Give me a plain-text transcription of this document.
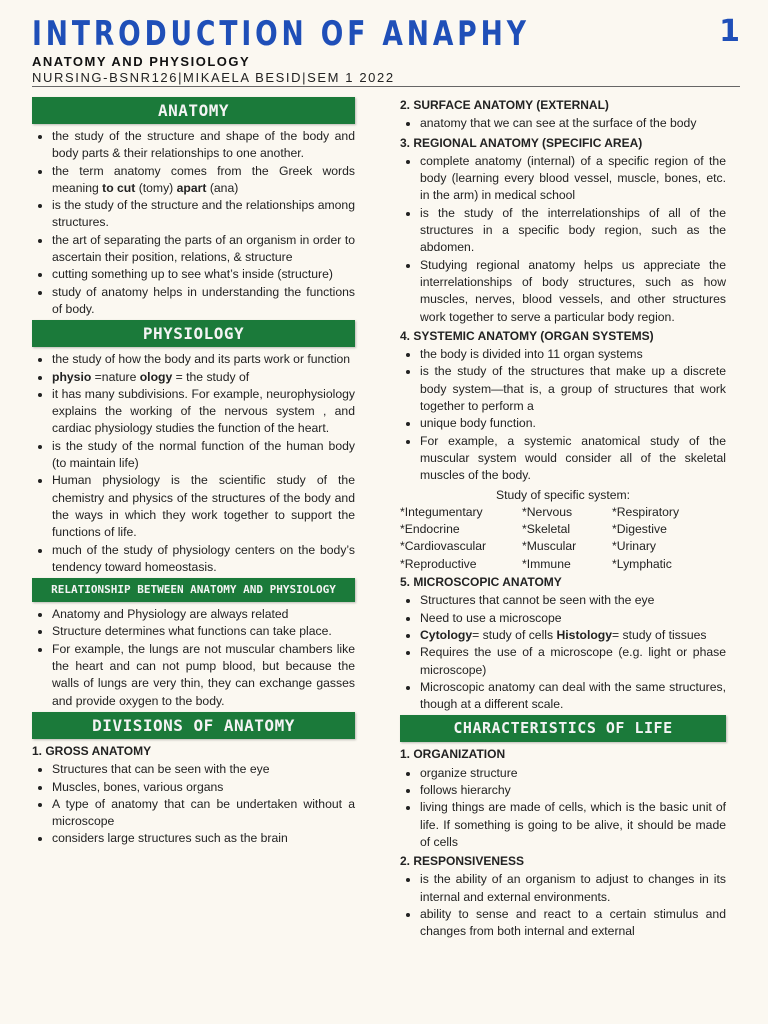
INTRODUCTION OF ANAPHY	1
ANATOMY AND PHYSIOLOGY
NURSING-BSNR126|MIKAELA BESID|SEM 1 2022
ANATOMY
• the study of the structure and shape of the body and body parts & their relationships to one another.
• the term anatomy comes from the Greek words meaning to cut (tomy) apart (ana)
• is the study of the structure and the relationships among structures.
• the art of separating the parts of an organism in order to ascertain their position, relations, & structure
• cutting something up to see what’s inside (structure)
• study of anatomy helps in understanding the functions of body.
PHYSIOLOGY
• the study of how the body and its parts work or function
• physio =nature ology = the study of
• it has many subdivisions. For example, neurophysiology explains the working of the nervous system , and cardiac physiology studies the function of the heart.
• is the study of the normal function of the human body (to maintain life)
• Human physiology is the scientific study of the chemistry and physics of the structures of the body and the ways in which they work together to support the functions of life.
• much of the study of physiology centers on the body’s tendency toward homeostasis.
RELATIONSHIP BETWEEN ANATOMY AND PHYSIOLOGY
• Anatomy and Physiology are always related
• Structure determines what functions can take place.
• For example, the lungs are not muscular chambers like the heart and can not pump blood, but because the walls of lungs are very thin, they can exchange gasses and provide oxygen to the body.
DIVISIONS OF ANATOMY
1. GROSS ANATOMY
• Structures that can be seen with the eye
• Muscles, bones, various organs
• A type of anatomy that can be undertaken without a microscope
• considers large structures such as the brain
2. SURFACE ANATOMY (EXTERNAL)
• anatomy that we can see at the surface of the body
3. REGIONAL ANATOMY (SPECIFIC AREA)
• complete anatomy (internal) of a specific region of the body (learning every blood vessel, muscle, bones, etc. in the arm) in medical school
• is the study of the interrelationships of all of the structures in a specific body region, such as the abdomen.
• Studying regional anatomy helps us appreciate the interrelationships of body structures, such as how muscles, nerves, blood vessels, and other structures work together to serve a particular body region.
4. SYSTEMIC ANATOMY (ORGAN SYSTEMS)
• the body is divided into 11 organ systems
• is the study of the structures that make up a discrete body system—that is, a group of structures that work together to perform a
• unique body function.
• For example, a systemic anatomical study of the muscular system would consider all of the skeletal muscles of the body.
Study of specific system:
*Integumentary	*Nervous	*Respiratory
*Endocrine	*Skeletal	*Digestive
*Cardiovascular	*Muscular	*Urinary
*Reproductive	*Immune	*Lymphatic
5. MICROSCOPIC ANATOMY
• Structures that cannot be seen with the eye
• Need to use a microscope
• Cytology= study of cells Histology= study of tissues
• Requires the use of a microscope (e.g. light or phase microscope)
• Microscopic anatomy can deal with the same structures, though at a different scale.
CHARACTERISTICS OF LIFE
1. ORGANIZATION
• organize structure
• follows hierarchy
• living things are made of cells, which is the basic unit of life. If something is going to be alive, it should be made of cells
2. RESPONSIVENESS
• is the ability of an organism to adjust to changes in its internal and external environments.
• ability to sense and react to a certain stimulus and changes from both internal and external
